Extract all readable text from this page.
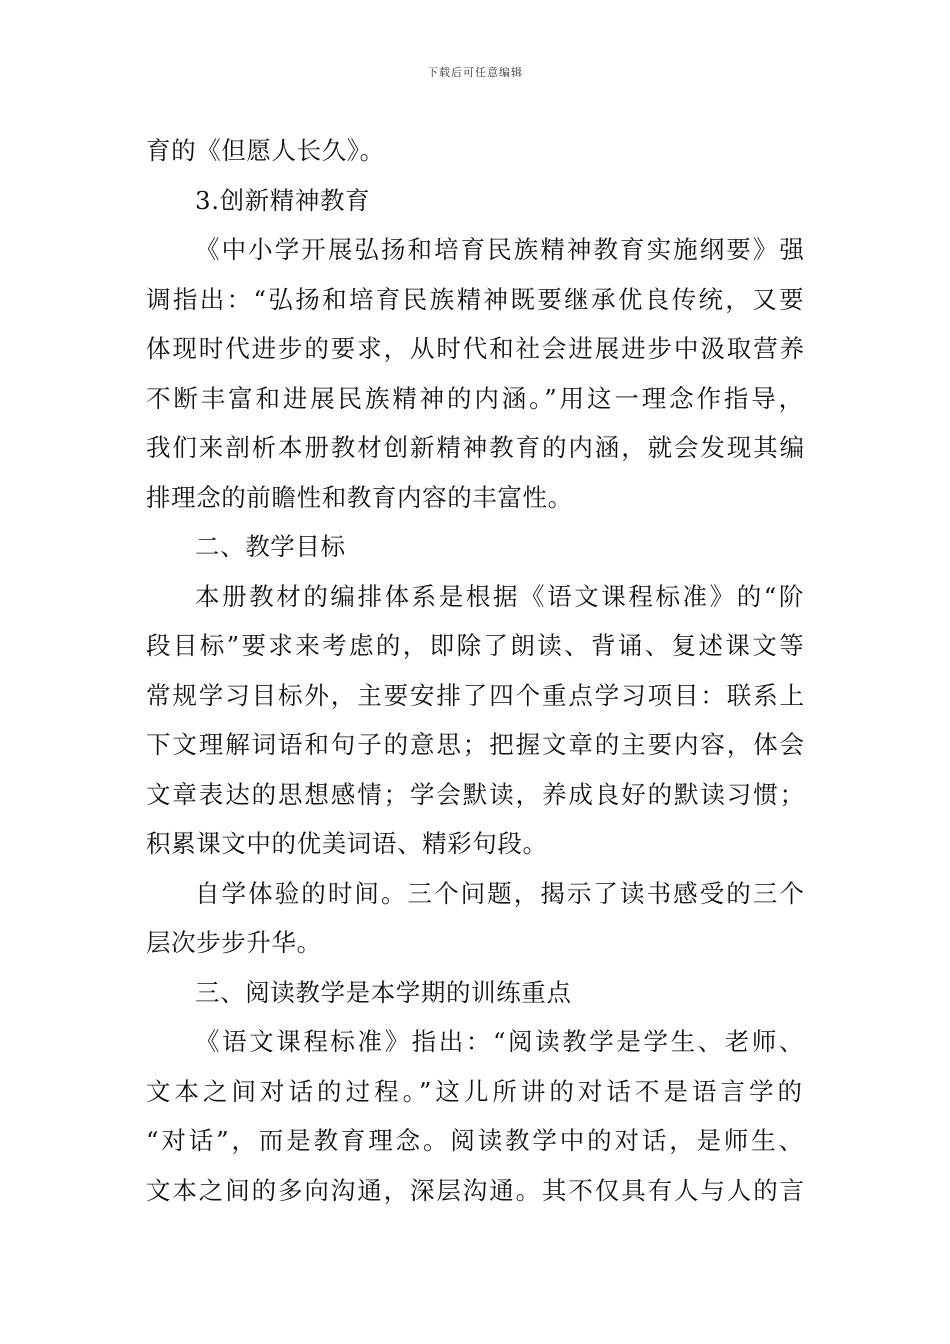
下载后可任意编辑
育的《但愿人长久》。
3.创新精神教育
《中小学开展弘扬和培育民族精神教育实施纲要》强
调指出：“弘扬和培育民族精神既要继承优良传统，又要
体现时代进步的要求，从时代和社会进展进步中汲取营养
不断丰富和进展民族精神的内涵。”用这一理念作指导，
我们来剖析本册教材创新精神教育的内涵，就会发现其编
排理念的前瞻性和教育内容的丰富性。
二、教学目标
本册教材的编排体系是根据《语文课程标准》的“阶
段目标”要求来考虑的，即除了朗读、背诵、复述课文等
常规学习目标外，主要安排了四个重点学习项目：联系上
下文理解词语和句子的意思；把握文章的主要内容，体会
文章表达的思想感情；学会默读，养成良好的默读习惯；
积累课文中的优美词语、精彩句段。
自学体验的时间。三个问题，揭示了读书感受的三个
层次步步升华。
三、阅读教学是本学期的训练重点
《语文课程标准》指出：“阅读教学是学生、老师、
文本之间对话的过程。”这儿所讲的对话不是语言学的
“对话”，而是教育理念。阅读教学中的对话，是师生、
文本之间的多向沟通，深层沟通。其不仅具有人与人的言
